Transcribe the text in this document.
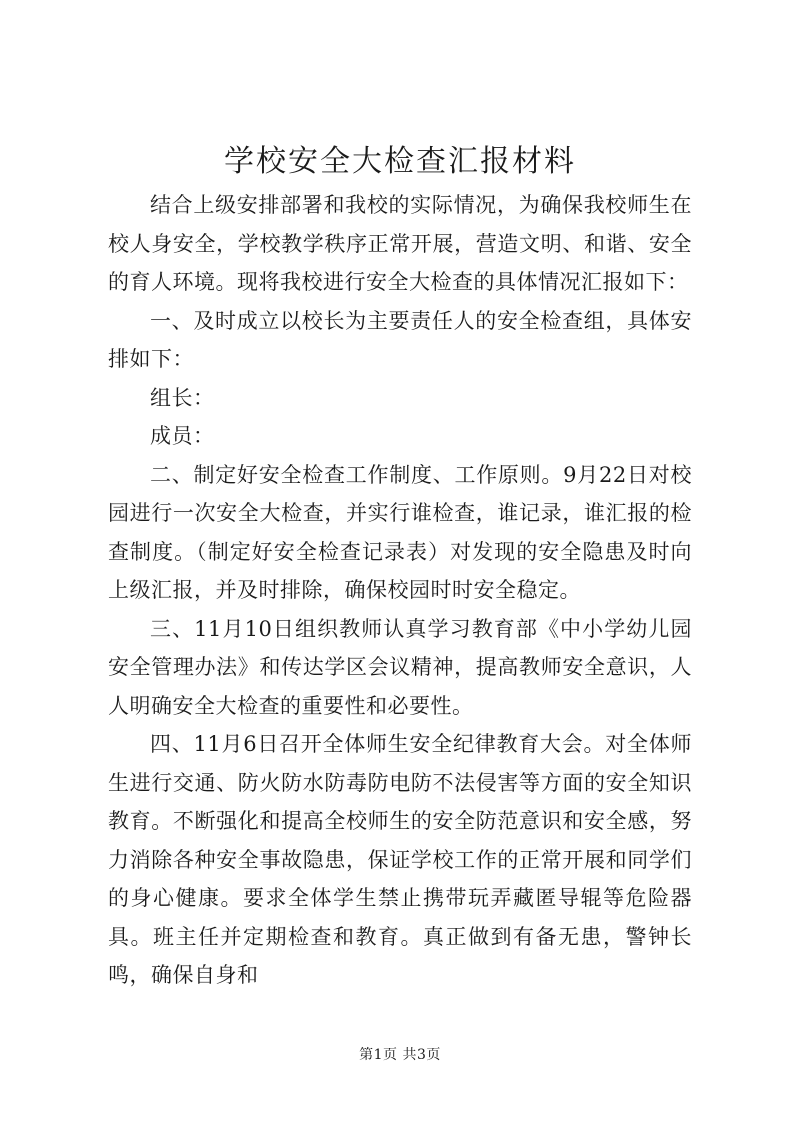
学校安全大检查汇报材料

结合上级安排部署和我校的实际情况，为确保我校师生在校人身安全，学校教学秩序正常开展，营造文明、和谐、安全的育人环境。现将我校进行安全大检查的具体情况汇报如下：

一、及时成立以校长为主要责任人的安全检查组，具体安排如下：

组长：

成员：

二、制定好安全检查工作制度、工作原则。9月22日对校园进行一次安全大检查，并实行谁检查，谁记录，谁汇报的检查制度。（制定好安全检查记录表）对发现的安全隐患及时向上级汇报，并及时排除，确保校园时时安全稳定。

三、11月10日组织教师认真学习教育部《中小学幼儿园安全管理办法》和传达学区会议精神，提高教师安全意识，人人明确安全大检查的重要性和必要性。

四、11月6日召开全体师生安全纪律教育大会。对全体师生进行交通、防火防水防毒防电防不法侵害等方面的安全知识教育。不断强化和提高全校师生的安全防范意识和安全感，努力消除各种安全事故隐患，保证学校工作的正常开展和同学们的身心健康。要求全体学生禁止携带玩弄藏匿导辊等危险器具。班主任并定期检查和教育。真正做到有备无患，警钟长鸣，确保自身和

第1页 共3页
